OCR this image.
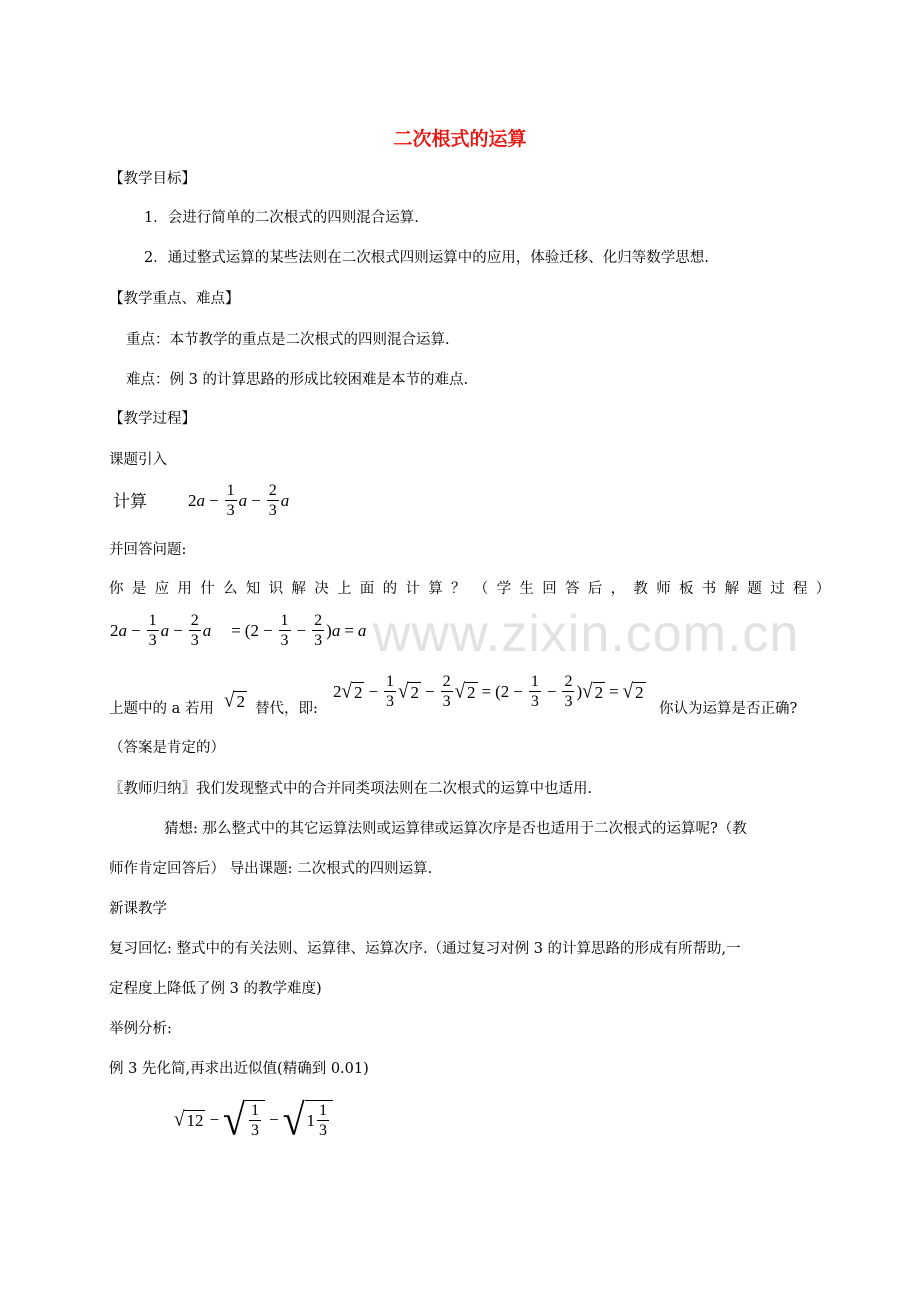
www.zixin.com.cn
二次根式的运算
【教学目标】
1．会进行简单的二次根式的四则混合运算.
2．通过整式运算的某些法则在二次根式四则运算中的应用，体验迁移、化归等数学思想.
【教学重点、难点】
重点：本节教学的重点是二次根式的四则混合运算.
难点：例 3 的计算思路的形成比较困难是本节的难点.
【教学过程】
课题引入
计算 2 $a - \frac{1}{3}$ $a - \frac{2}{3}$ a
并回答问题:
你是应用什么知识解决上面的计算？（学生回答后，教师板书解题过程）
2 $a - \frac{1}{3}$ $a - \frac{2}{3}$ a = ( $2 - \frac{1}{3} - \frac{2}{3}$ ) a = a
上题中的 a 若用 √ 2 替代，即:
2 √ $2 - \frac{1}{3}$ √ $2 - \frac{2}{3}$ √ 2 = ( $2 - \frac{1}{3} - \frac{2}{3}$ ) √ 2 = √ 2
你认为运算是否正确?
（答案是肯定的）
〖教师归纳〗我们发现整式中的合并同类项法则在二次根式的运算中也适用.
猜想: 那么整式中的其它运算法则或运算律或运算次序是否也适用于二次根式的运算呢?（教
师作肯定回答后） 导出课题: 二次根式的四则运算.
新课教学
复习回忆: 整式中的有关法则、运算律、运算次序.（通过复习对例 3 的计算思路的形成有所帮助,一
定程度上降低了例 3 的教学难度)
举例分析:
例 3 先化简,再求出近似值(精确到 0.01)
√ 12 − √ $\frac{1}{3}$ − √ $1 \frac{1}{3}$
